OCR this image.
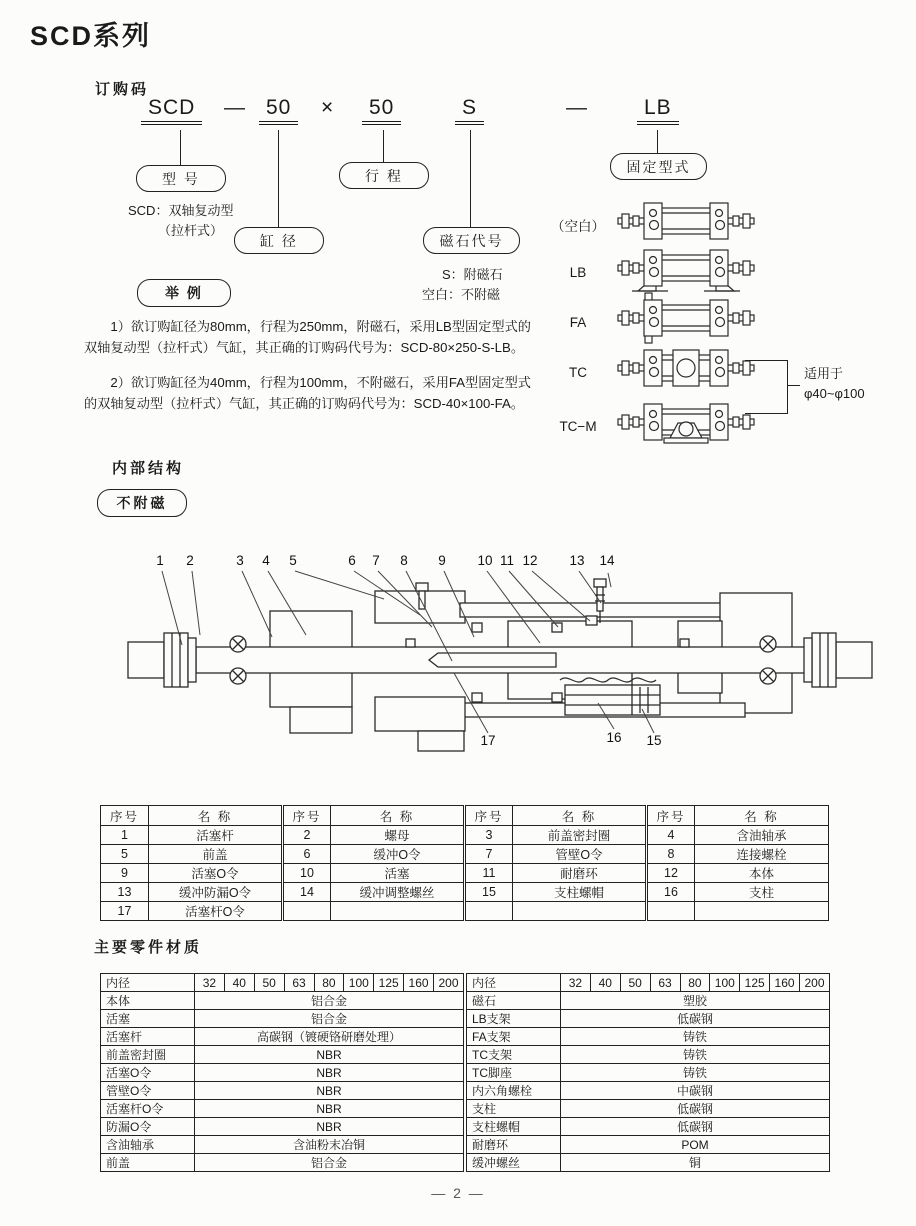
SCD系列
订购码
SCD	— 50	×	50	S	—	LB
型 号
缸 径
行 程
磁石代号
固定型式
SCD：双轴复动型
（拉杆式）
S：附磁石
空白：不附磁
举 例

1）欲订购缸径为80mm，行程为250mm，附磁石，采用LB型固定型式的双轴复动型（拉杆式）气缸，其正确的订购码代号为：SCD-80×250-S-LB。

2）欲订购缸径为40mm，行程为100mm，不附磁石，采用FA型固定型式的双轴复动型（拉杆式）气缸，其正确的订购码代号为：SCD-40×100-FA。

（空白）
LB
FA
TC
TC−M
适用于
φ40~φ100
内部结构
不附磁
1 2	3 4 5	6 7 8 9 10 11 12 13 14
17	16 15
序号	名 称	序号	名 称	序号	名 称	序号	名 称
1	活塞杆	2	螺母	3	前盖密封圈	4	含油轴承
5	前盖	6	缓冲O令	7	管壁O令	8	连接螺栓
9	活塞O令	10	活塞	11	耐磨环	12	本体
13	缓冲防漏O令	14	缓冲调整螺丝	15	支柱螺帽	16	支柱
17	活塞杆O令						
主要零件材质
内径	32	40	50	63	80	100	125	160	200
本体	铝合金								
活塞	铝合金								
活塞杆	高碳钢（镀硬铬研磨处理）								
前盖密封圈	NBR								
活塞O令	NBR								
管壁O令	NBR								
活塞杆O令	NBR								
防漏O令	NBR								
含油轴承	含油粉末冶铜								
前盖	铝合金								
内径	32	40	50	63	80	100	125	160	200
磁石	塑胶								
LB支架	低碳钢								
FA支架	铸铁								
TC支架	铸铁								
TC脚座	铸铁								
内六角螺栓	中碳钢								
支柱	低碳钢								
支柱螺帽	低碳钢								
耐磨环	POM								
缓冲螺丝	铜								
— 2 —
